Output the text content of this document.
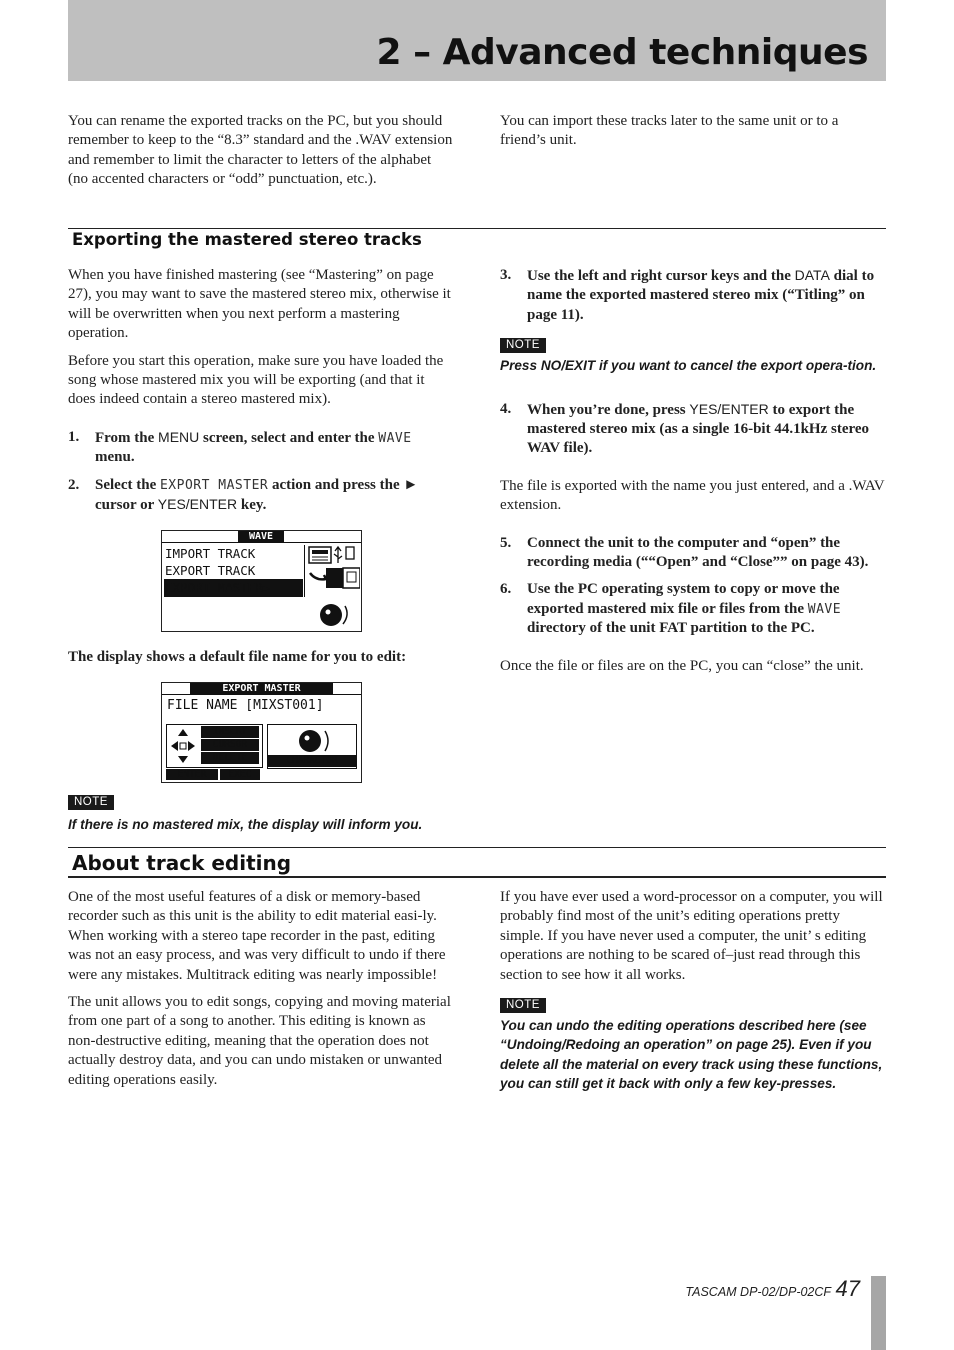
2 – Advanced techniques

You can rename the exported tracks on the PC, but you should remember to keep to the “8.3” standard and the .WAV extension and remember to limit the character to letters of the alphabet (no accented characters or “odd” punctuation, etc.).

You can import these tracks later to the same unit or to a friend’s unit.

Exporting the mastered stereo tracks

When you have finished mastering (see “Mastering” on page 27), you may want to save the mastered stereo mix, otherwise it will be overwritten when you next perform a mastering operation.

Before you start this operation, make sure you have loaded the song whose mastered mix you will be exporting (and that it does indeed contain a stereo mastered mix).

1. From the MENU screen, select and enter the WAVE menu.

2. Select the EXPORT MASTER action and press the ► cursor or YES/ENTER key.

WAVE
IMPORT TRACK
EXPORT TRACK
EXPORT MASTER►

The display shows a default file name for you to edit:

EXPORT MASTER
FILE NAME [MIXST001]
INSERT
CURSOR
DELETE	CHARACTOR
ENTER	EXEC
NOTE

If there is no mastered mix, the display will inform you.

3. Use the left and right cursor keys and the DATA dial to name the exported mastered stereo mix (“Titling” on page 11).

NOTE

Press NO/EXIT if you want to cancel the export opera-tion.

4. When you’re done, press YES/ENTER to export the mastered stereo mix (as a single 16-bit 44.1kHz stereo WAV file).

The file is exported with the name you just entered, and a .WAV extension.

5. Connect the unit to the computer and “open” the recording media (““Open” and “Close”” on page 43).

6. Use the PC operating system to copy or move the exported mastered mix file or files from the WAVE directory of the unit FAT partition to the PC.

Once the file or files are on the PC, you can “close” the unit.

About track editing

One of the most useful features of a disk or memory-based recorder such as this unit is the ability to edit material easi-ly. When working with a stereo tape recorder in the past, editing was not an easy process, and was very difficult to undo if there were any mistakes. Multitrack editing was nearly impossible!

The unit allows you to edit songs, copying and moving material from one part of a song to another. This editing is known as non-destructive editing, meaning that the operation does not actually destroy data, and you can undo mistaken or unwanted editing operations easily.

If you have ever used a word-processor on a computer, you will probably find most of the unit’s editing operations pretty simple. If you have never used a computer, the unit’ s editing operations are nothing to be scared of–just read through this section to see how it all works.

NOTE

You can undo the editing operations described here (see “Undoing/Redoing an operation” on page 25). Even if you delete all the material on every track using these functions, you can still get it back with only a few key-presses.

TASCAM DP-02/DP-02CF 47
